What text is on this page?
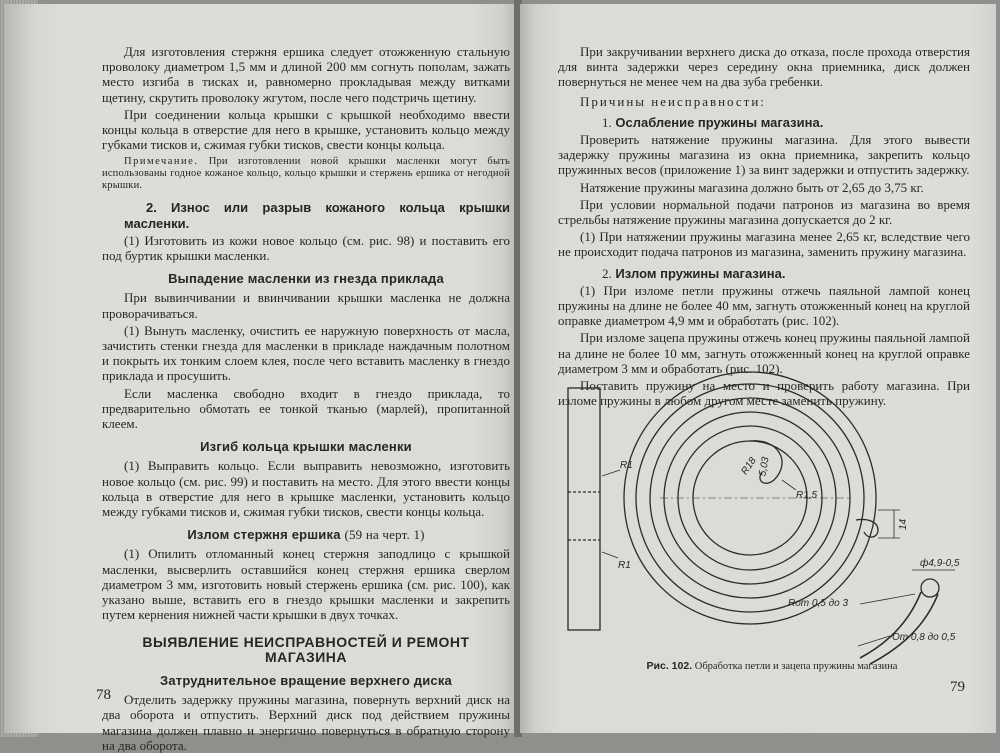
Для изготовления стержня ершика следует отожженную стальную проволоку диаметром 1,5 мм и длиной 200 мм согнуть пополам, зажать место изгиба в тисках и, равномерно прокладывая между витками щетину, скрутить проволоку жгутом, после чего подстричь щетину.

При соединении кольца крышки с крышкой необходимо ввести концы кольца в отверстие для него в крышке, установить кольцо между губками тисков и, сжимая губки тисков, свести концы кольца.

Примечание. При изготовлении новой крышки масленки могут быть использованы годное кожаное кольцо, кольцо крышки и стержень ершика от негодной крышки.

2. Износ или разрыв кожаного кольца крышки масленки.

(1) Изготовить из кожи новое кольцо (см. рис. 98) и поставить его под буртик крышки масленки.

Выпадение масленки из гнезда приклада

При вывинчивании и ввинчивании крышки масленка не должна проворачиваться.

(1) Вынуть масленку, очистить ее наружную поверхность от масла, зачистить стенки гнезда для масленки в прикладе наждачным полотном и покрыть их тонким слоем клея, после чего вставить масленку в гнездо приклада и просушить.

Если масленка свободно входит в гнездо приклада, то предварительно обмотать ее тонкой тканью (марлей), пропитанной клеем.

Изгиб кольца крышки масленки

(1) Выправить кольцо. Если выправить невозможно, изготовить новое кольцо (см. рис. 99) и поставить на место. Для этого ввести концы кольца в отверстие для него в крышке масленки, установить кольцо между губками тисков и, сжимая губки тисков, свести концы кольца.

Излом стержня ершика (59 на черт. 1)

(1) Опилить отломанный конец стержня заподлицо с крышкой масленки, высверлить оставшийся конец стержня ершика сверлом диаметром 3 мм, изготовить новый стержень ершика (см. рис. 100), как указано выше, вставить его в гнездо крышки масленки и закрепить путем кернения нижней части крышки в двух точках.

ВЫЯВЛЕНИЕ НЕИСПРАВНОСТЕЙ И РЕМОНТ МАГАЗИНА
Затруднительное вращение верхнего диска

Отделить задержку пружины магазина, повернуть верхний диск на два оборота и отпустить. Верхний диск под действием пружины магазина должен плавно и энергично повернуться в обратную сторону на два оборота.

78

При закручивании верхнего диска до отказа, после прохода отверстия для винта задержки через середину окна приемника, диск должен повернуться не менее чем на два зуба гребенки.

Причины неисправности:

1. Ослабление пружины магазина.

Проверить натяжение пружины магазина. Для этого вывести задержку пружины магазина из окна приемника, закрепить кольцо пружинных весов (приложение 1) за винт задержки и отпустить задержку.

Натяжение пружины магазина должно быть от 2,65 до 3,75 кг.

При условии нормальной подачи патронов из магазина во время стрельбы натяжение пружины магазина допускается до 2 кг.

(1) При натяжении пружины магазина менее 2,65 кг, вследствие чего не происходит подача патронов из магазина, заменить пружину магазина.

2. Излом пружины магазина.

(1) При изломе петли пружины отжечь паяльной лампой конец пружины на длине не более 40 мм, загнуть отожженный конец на круглой оправке диаметром 4,9 мм и обработать (рис. 102).

При изломе зацепа пружины отжечь конец пружины паяльной лампой на длине не более 10 мм, загнуть отожженный конец на круглой оправке диаметром 3 мм и обработать (рис. 102).

Поставить пружину на место и проверить работу магазина. При изломе пружины в любом другом месте заменить пружину.

R1
R1
R18
5,03
R1,5
14
ф4,9-0,5
Rот 0,5 до 3
Oт 0,8 до 0,5
Рис. 102. Обработка петли и зацепа пружины магазина
79
